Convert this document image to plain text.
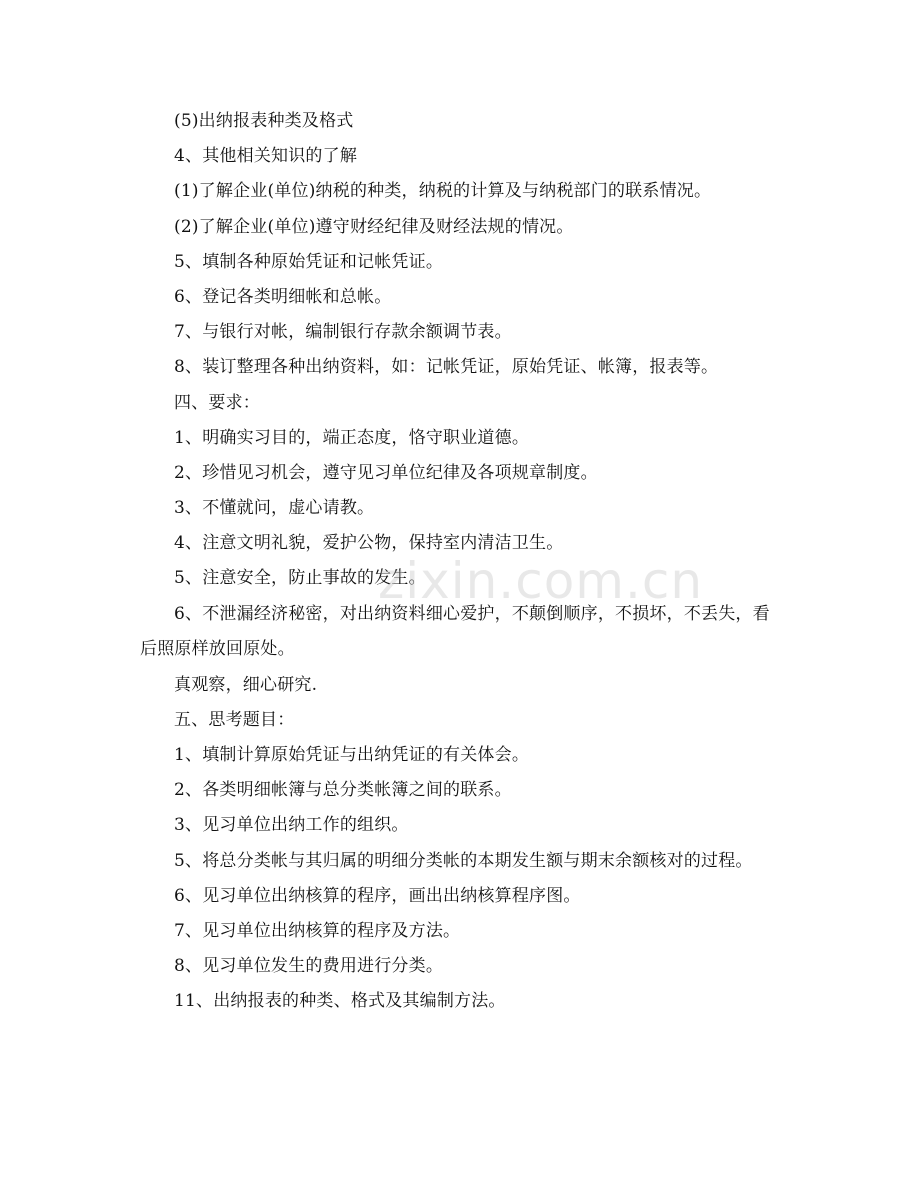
(5)出纳报表种类及格式
4、其他相关知识的了解
(1)了解企业(单位)纳税的种类，纳税的计算及与纳税部门的联系情况。
(2)了解企业(单位)遵守财经纪律及财经法规的情况。
5、填制各种原始凭证和记帐凭证。
6、登记各类明细帐和总帐。
7、与银行对帐，编制银行存款余额调节表。
8、装订整理各种出纳资料，如：记帐凭证，原始凭证、帐簿，报表等。
四、要求：
1、明确实习目的，端正态度，恪守职业道德。
2、珍惜见习机会，遵守见习单位纪律及各项规章制度。
3、不懂就问，虚心请教。
4、注意文明礼貌，爱护公物，保持室内清洁卫生。
5、注意安全，防止事故的发生。
6、不泄漏经济秘密，对出纳资料细心爱护，不颠倒顺序，不损坏，不丢失，看后照原样放回原处。
真观察，细心研究.
五、思考题目：
1、填制计算原始凭证与出纳凭证的有关体会。
2、各类明细帐簿与总分类帐簿之间的联系。
3、见习单位出纳工作的组织。
5、将总分类帐与其归属的明细分类帐的本期发生额与期末余额核对的过程。
6、见习单位出纳核算的程序，画出出纳核算程序图。
7、见习单位出纳核算的程序及方法。
8、见习单位发生的费用进行分类。
11、出纳报表的种类、格式及其编制方法。
zixin.com.cn
